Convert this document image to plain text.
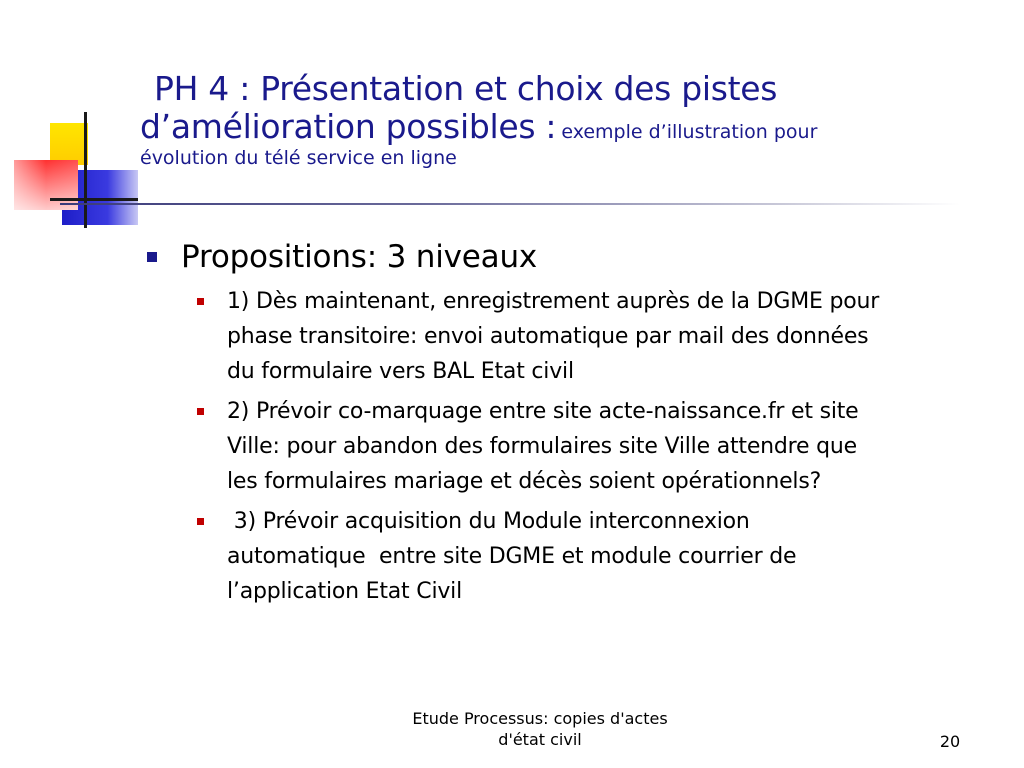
PH 4 : Présentation et choix des pistes
d’amélioration possibles : exemple d’illustration pour
évolution du télé service en ligne
Propositions: 3 niveaux
1) Dès maintenant, enregistrement auprès de la DGME pour
phase transitoire: envoi automatique par mail des données
du formulaire vers BAL Etat civil
2) Prévoir co-marquage entre site acte-naissance.fr et site
Ville: pour abandon des formulaires site Ville attendre que
les formulaires mariage et décès soient opérationnels?
3) Prévoir acquisition du Module interconnexion
automatique  entre site DGME et module courrier de
l’application Etat Civil
Etude Processus: copies d'actes
d'état civil	20
